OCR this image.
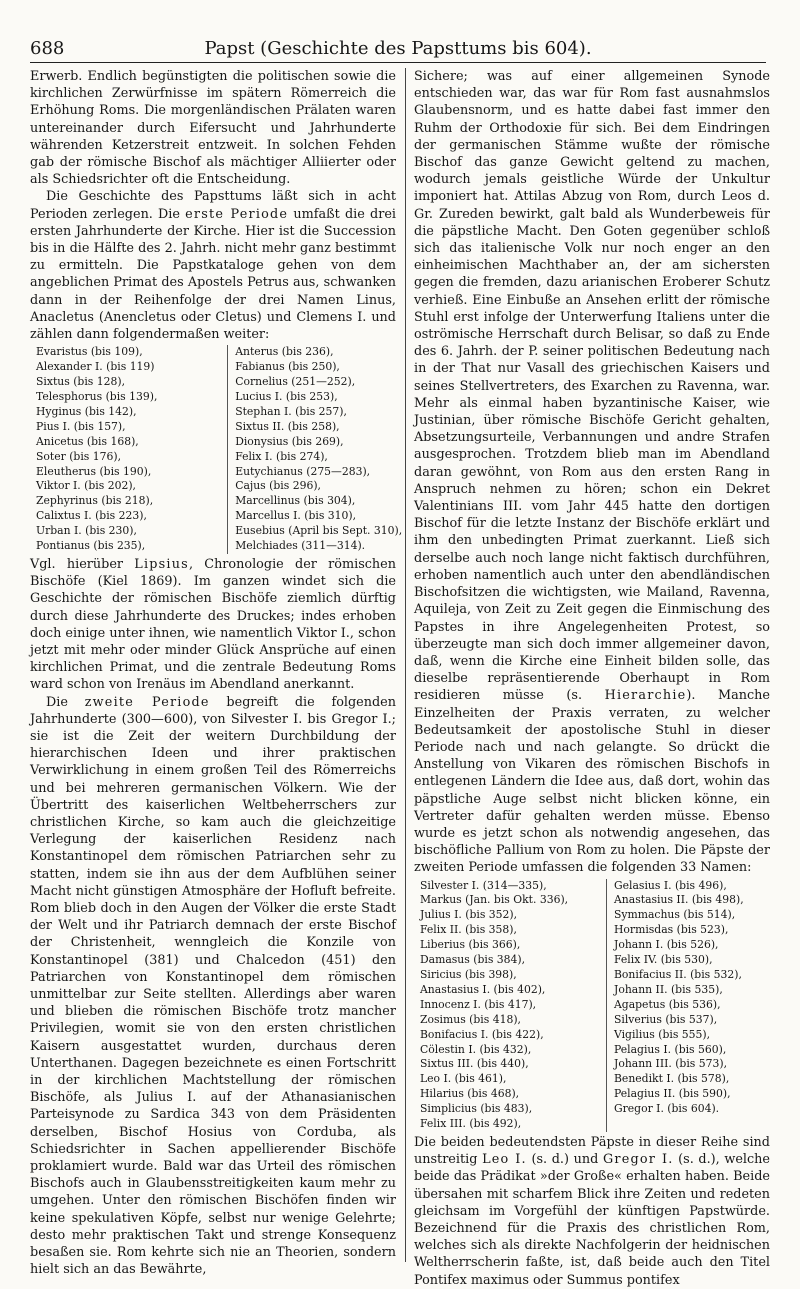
688	Papst (Geschichte des Papsttums bis 604).

Erwerb. Endlich begünstigten die politischen sowie die kirchlichen Zerwürfnisse im spätern Römerreich die Erhöhung Roms. Die morgenländischen Prälaten waren untereinander durch Eifersucht und Jahrhunderte währenden Ketzerstreit entzweit. In solchen Fehden gab der römische Bischof als mächtiger Alliierter oder als Schiedsrichter oft die Entscheidung.

Die Geschichte des Papsttums läßt sich in acht Perioden zerlegen. Die erste Periode umfaßt die drei ersten Jahrhunderte der Kirche. Hier ist die Succession bis in die Hälfte des 2. Jahrh. nicht mehr ganz bestimmt zu ermitteln. Die Papstkataloge gehen von dem angeblichen Primat des Apostels Petrus aus, schwanken dann in der Reihenfolge der drei Namen Linus, Anacletus (Anencletus oder Cletus) und Clemens I. und zählen dann folgendermaßen weiter:

Evaristus (bis 109),
Alexander I. (bis 119)
Sixtus (bis 128),
Telesphorus (bis 139),
Hyginus (bis 142),
Pius I. (bis 157),
Anicetus (bis 168),
Soter (bis 176),
Eleutherus (bis 190),
Viktor I. (bis 202),
Zephyrinus (bis 218),
Calixtus I. (bis 223),
Urban I. (bis 230),
Pontianus (bis 235),
Anterus (bis 236),
Fabianus (bis 250),
Cornelius (251—252),
Lucius I. (bis 253),
Stephan I. (bis 257),
Sixtus II. (bis 258),
Dionysius (bis 269),
Felix I. (bis 274),
Eutychianus (275—283),
Cajus (bis 296),
Marcellinus (bis 304),
Marcellus I. (bis 310),
Eusebius (April bis Sept. 310),
Melchiades (311—314).

Vgl. hierüber Lipsius, Chronologie der römischen Bischöfe (Kiel 1869). Im ganzen windet sich die Geschichte der römischen Bischöfe ziemlich dürftig durch diese Jahrhunderte des Druckes; indes erhoben doch einige unter ihnen, wie namentlich Viktor I., schon jetzt mit mehr oder minder Glück Ansprüche auf einen kirchlichen Primat, und die zentrale Bedeutung Roms ward schon von Irenäus im Abendland anerkannt.

Die zweite Periode begreift die folgenden Jahrhunderte (300—600), von Silvester I. bis Gregor I.; sie ist die Zeit der weitern Durchbildung der hierarchischen Ideen und ihrer praktischen Verwirklichung in einem großen Teil des Römerreichs und bei mehreren germanischen Völkern. Wie der Übertritt des kaiserlichen Weltbeherrschers zur christlichen Kirche, so kam auch die gleichzeitige Verlegung der kaiserlichen Residenz nach Konstantinopel dem römischen Patriarchen sehr zu statten, indem sie ihn aus der dem Aufblühen seiner Macht nicht günstigen Atmosphäre der Hofluft befreite. Rom blieb doch in den Augen der Völker die erste Stadt der Welt und ihr Patriarch demnach der erste Bischof der Christenheit, wenngleich die Konzile von Konstantinopel (381) und Chalcedon (451) den Patriarchen von Konstantinopel dem römischen unmittelbar zur Seite stellten. Allerdings aber waren und blieben die römischen Bischöfe trotz mancher Privilegien, womit sie von den ersten christlichen Kaisern ausgestattet wurden, durchaus deren Unterthanen. Dagegen bezeichnete es einen Fortschritt in der kirchlichen Machtstellung der römischen Bischöfe, als Julius I. auf der Athanasianischen Parteisynode zu Sardica 343 von dem Präsidenten derselben, Bischof Hosius von Corduba, als Schiedsrichter in Sachen appellierender Bischöfe proklamiert wurde. Bald war das Urteil des römischen Bischofs auch in Glaubensstreitigkeiten kaum mehr zu umgehen. Unter den römischen Bischöfen finden wir keine spekulativen Köpfe, selbst nur wenige Gelehrte; desto mehr praktischen Takt und strenge Konsequenz besaßen sie. Rom kehrte sich nie an Theorien, sondern hielt sich an das Bewährte,

Sichere; was auf einer allgemeinen Synode entschieden war, das war für Rom fast ausnahmslos Glaubensnorm, und es hatte dabei fast immer den Ruhm der Orthodoxie für sich. Bei dem Eindringen der germanischen Stämme wußte der römische Bischof das ganze Gewicht geltend zu machen, wodurch jemals geistliche Würde der Unkultur imponiert hat. Attilas Abzug von Rom, durch Leos d. Gr. Zureden bewirkt, galt bald als Wunderbeweis für die päpstliche Macht. Den Goten gegenüber schloß sich das italienische Volk nur noch enger an den einheimischen Machthaber an, der am sichersten gegen die fremden, dazu arianischen Eroberer Schutz verhieß. Eine Einbuße an Ansehen erlitt der römische Stuhl erst infolge der Unterwerfung Italiens unter die oströmische Herrschaft durch Belisar, so daß zu Ende des 6. Jahrh. der P. seiner politischen Bedeutung nach in der That nur Vasall des griechischen Kaisers und seines Stellvertreters, des Exarchen zu Ravenna, war. Mehr als einmal haben byzantinische Kaiser, wie Justinian, über römische Bischöfe Gericht gehalten, Absetzungsurteile, Verbannungen und andre Strafen ausgesprochen. Trotzdem blieb man im Abendland daran gewöhnt, von Rom aus den ersten Rang in Anspruch nehmen zu hören; schon ein Dekret Valentinians III. vom Jahr 445 hatte den dortigen Bischof für die letzte Instanz der Bischöfe erklärt und ihm den unbedingten Primat zuerkannt. Ließ sich derselbe auch noch lange nicht faktisch durchführen, erhoben namentlich auch unter den abendländischen Bischofsitzen die wichtigsten, wie Mailand, Ravenna, Aquileja, von Zeit zu Zeit gegen die Einmischung des Papstes in ihre Angelegenheiten Protest, so überzeugte man sich doch immer allgemeiner davon, daß, wenn die Kirche eine Einheit bilden solle, das dieselbe repräsentierende Oberhaupt in Rom residieren müsse (s. Hierarchie). Manche Einzelheiten der Praxis verraten, zu welcher Bedeutsamkeit der apostolische Stuhl in dieser Periode nach und nach gelangte. So drückt die Anstellung von Vikaren des römischen Bischofs in entlegenen Ländern die Idee aus, daß dort, wohin das päpstliche Auge selbst nicht blicken könne, ein Vertreter dafür gehalten werden müsse. Ebenso wurde es jetzt schon als notwendig angesehen, das bischöfliche Pallium von Rom zu holen. Die Päpste der zweiten Periode umfassen die folgenden 33 Namen:

Silvester I. (314—335),
Markus (Jan. bis Okt. 336),
Julius I. (bis 352),
Felix II. (bis 358),
Liberius (bis 366),
Damasus (bis 384),
Siricius (bis 398),
Anastasius I. (bis 402),
Innocenz I. (bis 417),
Zosimus (bis 418),
Bonifacius I. (bis 422),
Cölestin I. (bis 432),
Sixtus III. (bis 440),
Leo I. (bis 461),
Hilarius (bis 468),
Simplicius (bis 483),
Felix III. (bis 492),
Gelasius I. (bis 496),
Anastasius II. (bis 498),
Symmachus (bis 514),
Hormisdas (bis 523),
Johann I. (bis 526),
Felix IV. (bis 530),
Bonifacius II. (bis 532),
Johann II. (bis 535),
Agapetus (bis 536),
Silverius (bis 537),
Vigilius (bis 555),
Pelagius I. (bis 560),
Johann III. (bis 573),
Benedikt I. (bis 578),
Pelagius II. (bis 590),
Gregor I. (bis 604).

Die beiden bedeutendsten Päpste in dieser Reihe sind unstreitig Leo I. (s. d.) und Gregor I. (s. d.), welche beide das Prädikat »der Große« erhalten haben. Beide übersahen mit scharfem Blick ihre Zeiten und redeten gleichsam im Vorgefühl der künftigen Papstwürde. Bezeichnend für die Praxis des christlichen Rom, welches sich als direkte Nachfolgerin der heidnischen Weltherrscherin faßte, ist, daß beide auch den Titel Pontifex maximus oder Summus pontifex
